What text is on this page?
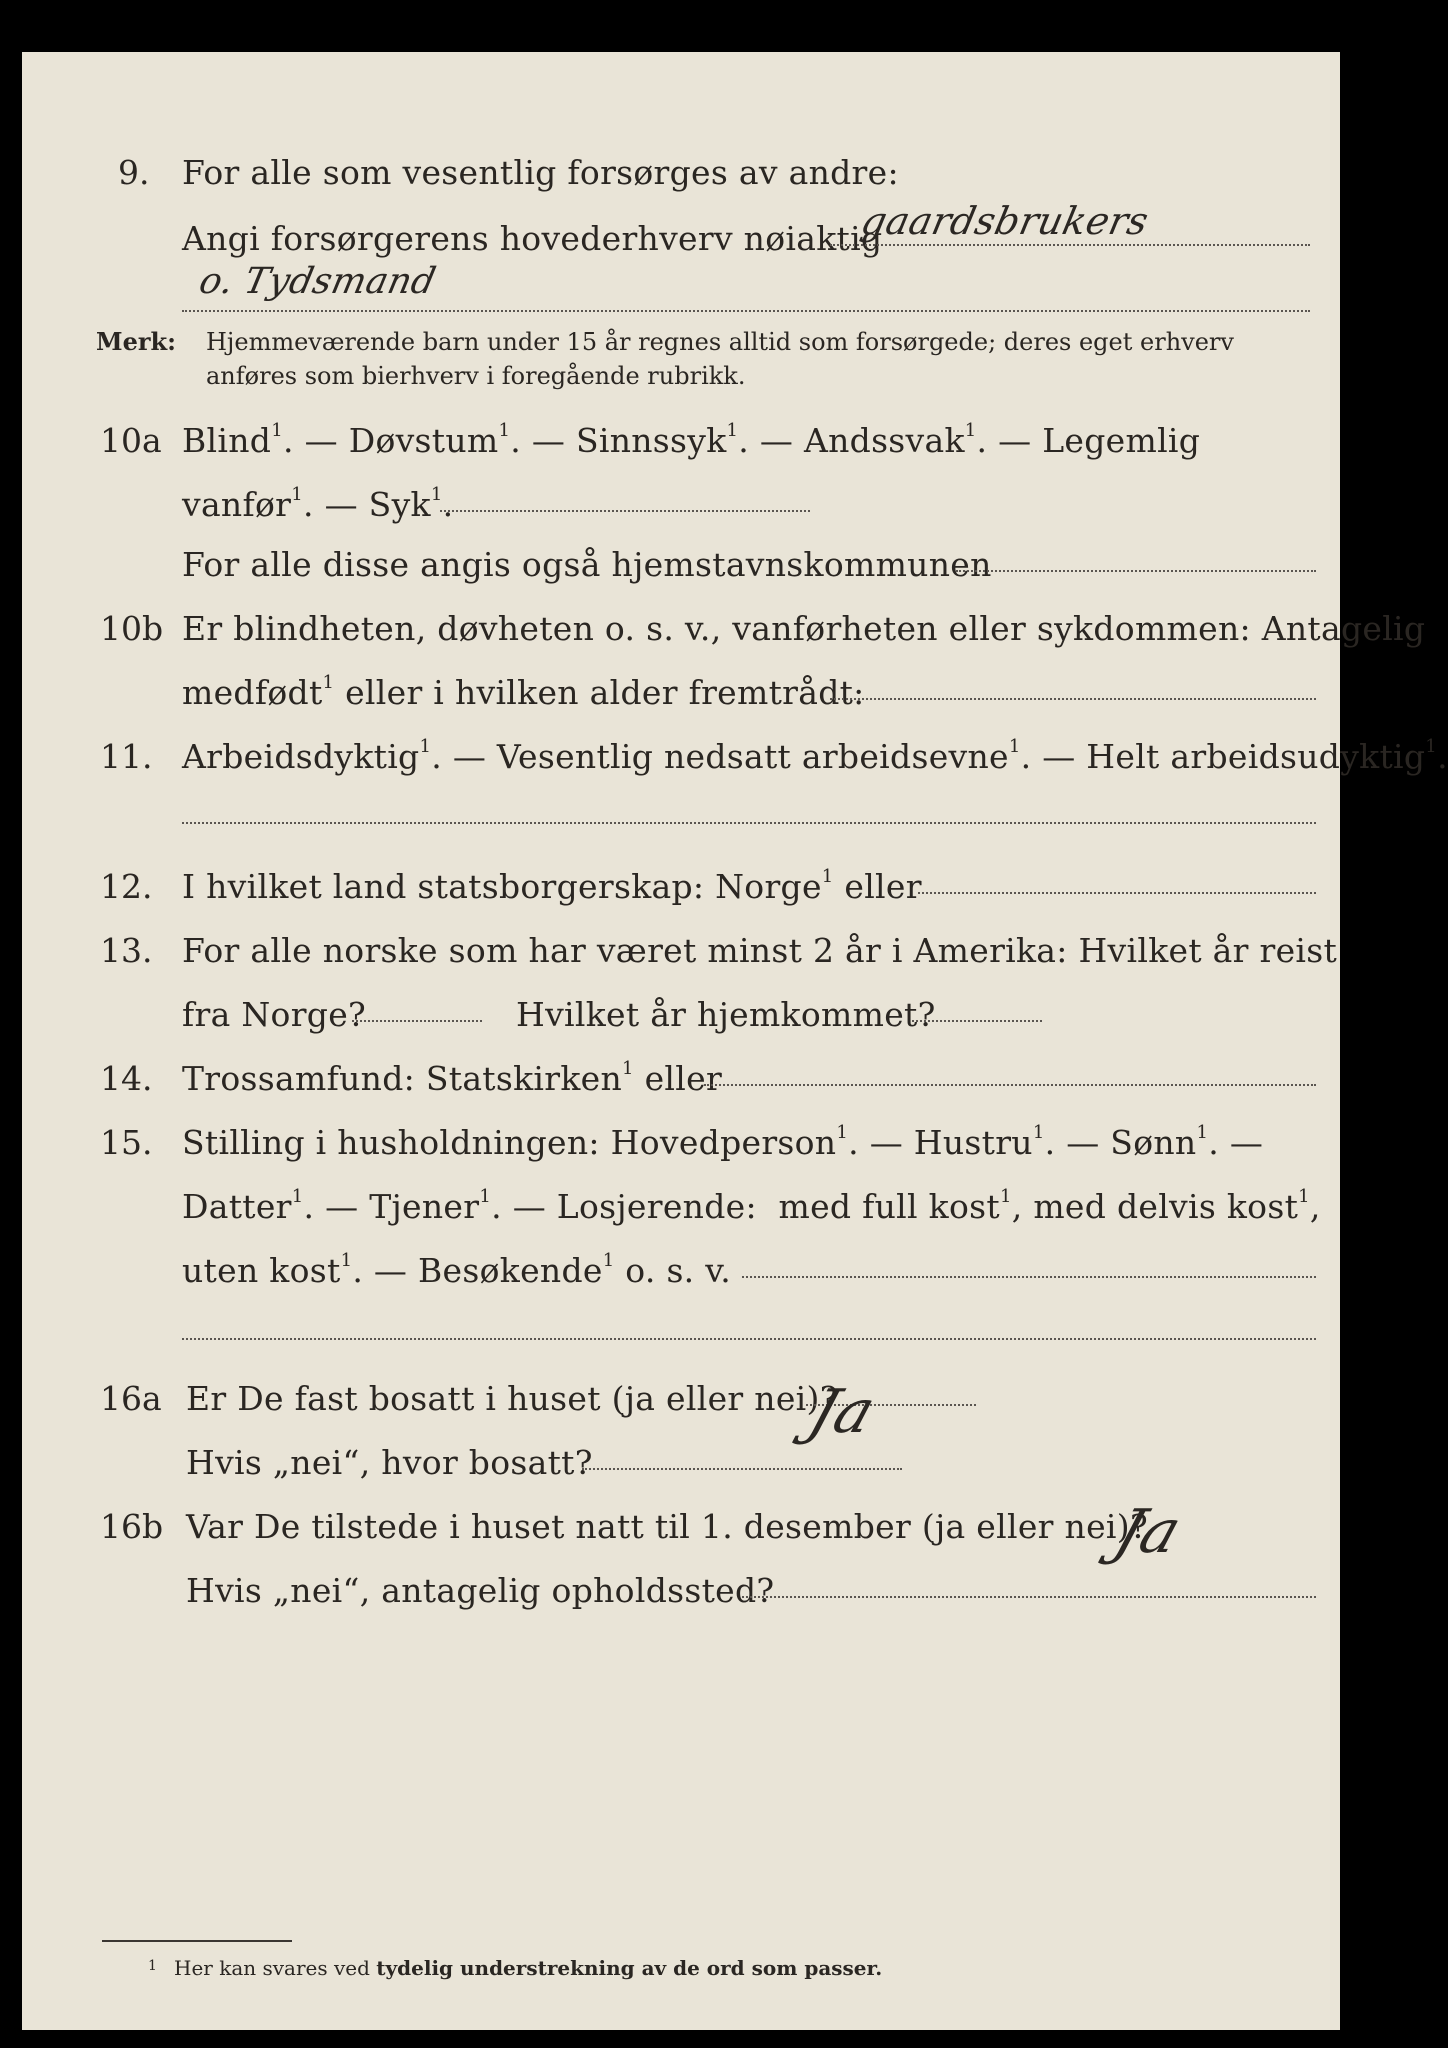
9. For alle som vesentlig forsørges av andre:
Angi forsørgerens hovederhverv nøiaktig
gaardsbrukers
o. Tydsmand
Merk: Hjemmeværende barn under 15 år regnes alltid som forsørgede; deres eget erhverv
anføres som bierhverv i foregående rubrikk.
10a Blind$^1$. — Døvstum$^1$. — Sinnssyk$^1$. — Andssvak$^1$. — Legemlig
vanfør$^1$. — Syk$^1$.
For alle disse angis også hjemstavnskommunen
10b Er blindheten, døvheten o. s. v., vanførheten eller sykdommen: Antagelig
medfødt$^1$ eller i hvilken alder fremtrådt:
11. Arbeidsdyktig$^1$. — Vesentlig nedsatt arbeidsevne$^1$. — Helt arbeidsudyktig$^1$.
12. I hvilket land statsborgerskap: Norge$^1$ eller
13. For alle norske som har været minst 2 år i Amerika: Hvilket år reist
fra Norge?	Hvilket år hjemkommet?
14. Trossamfund: Statskirken$^1$ eller
15. Stilling i husholdningen: Hovedperson$^1$. — Hustru$^1$. — Sønn$^1$. —
Datter$^1$. — Tjener$^1$. — Losjerende: med full kost$^1$, med delvis kost$^1$,
uten kost$^1$. — Besøkende$^1$ o. s. v.
16a Er De fast bosatt i huset (ja eller nei)?
Hvis „nei“, hvor bosatt?
Ja
16b Var De tilstede i huset natt til 1. desember (ja eller nei)?
Ja
Hvis „nei“, antagelig opholdssted?
1 Her kan svares ved tydelig understrekning av de ord som passer.
